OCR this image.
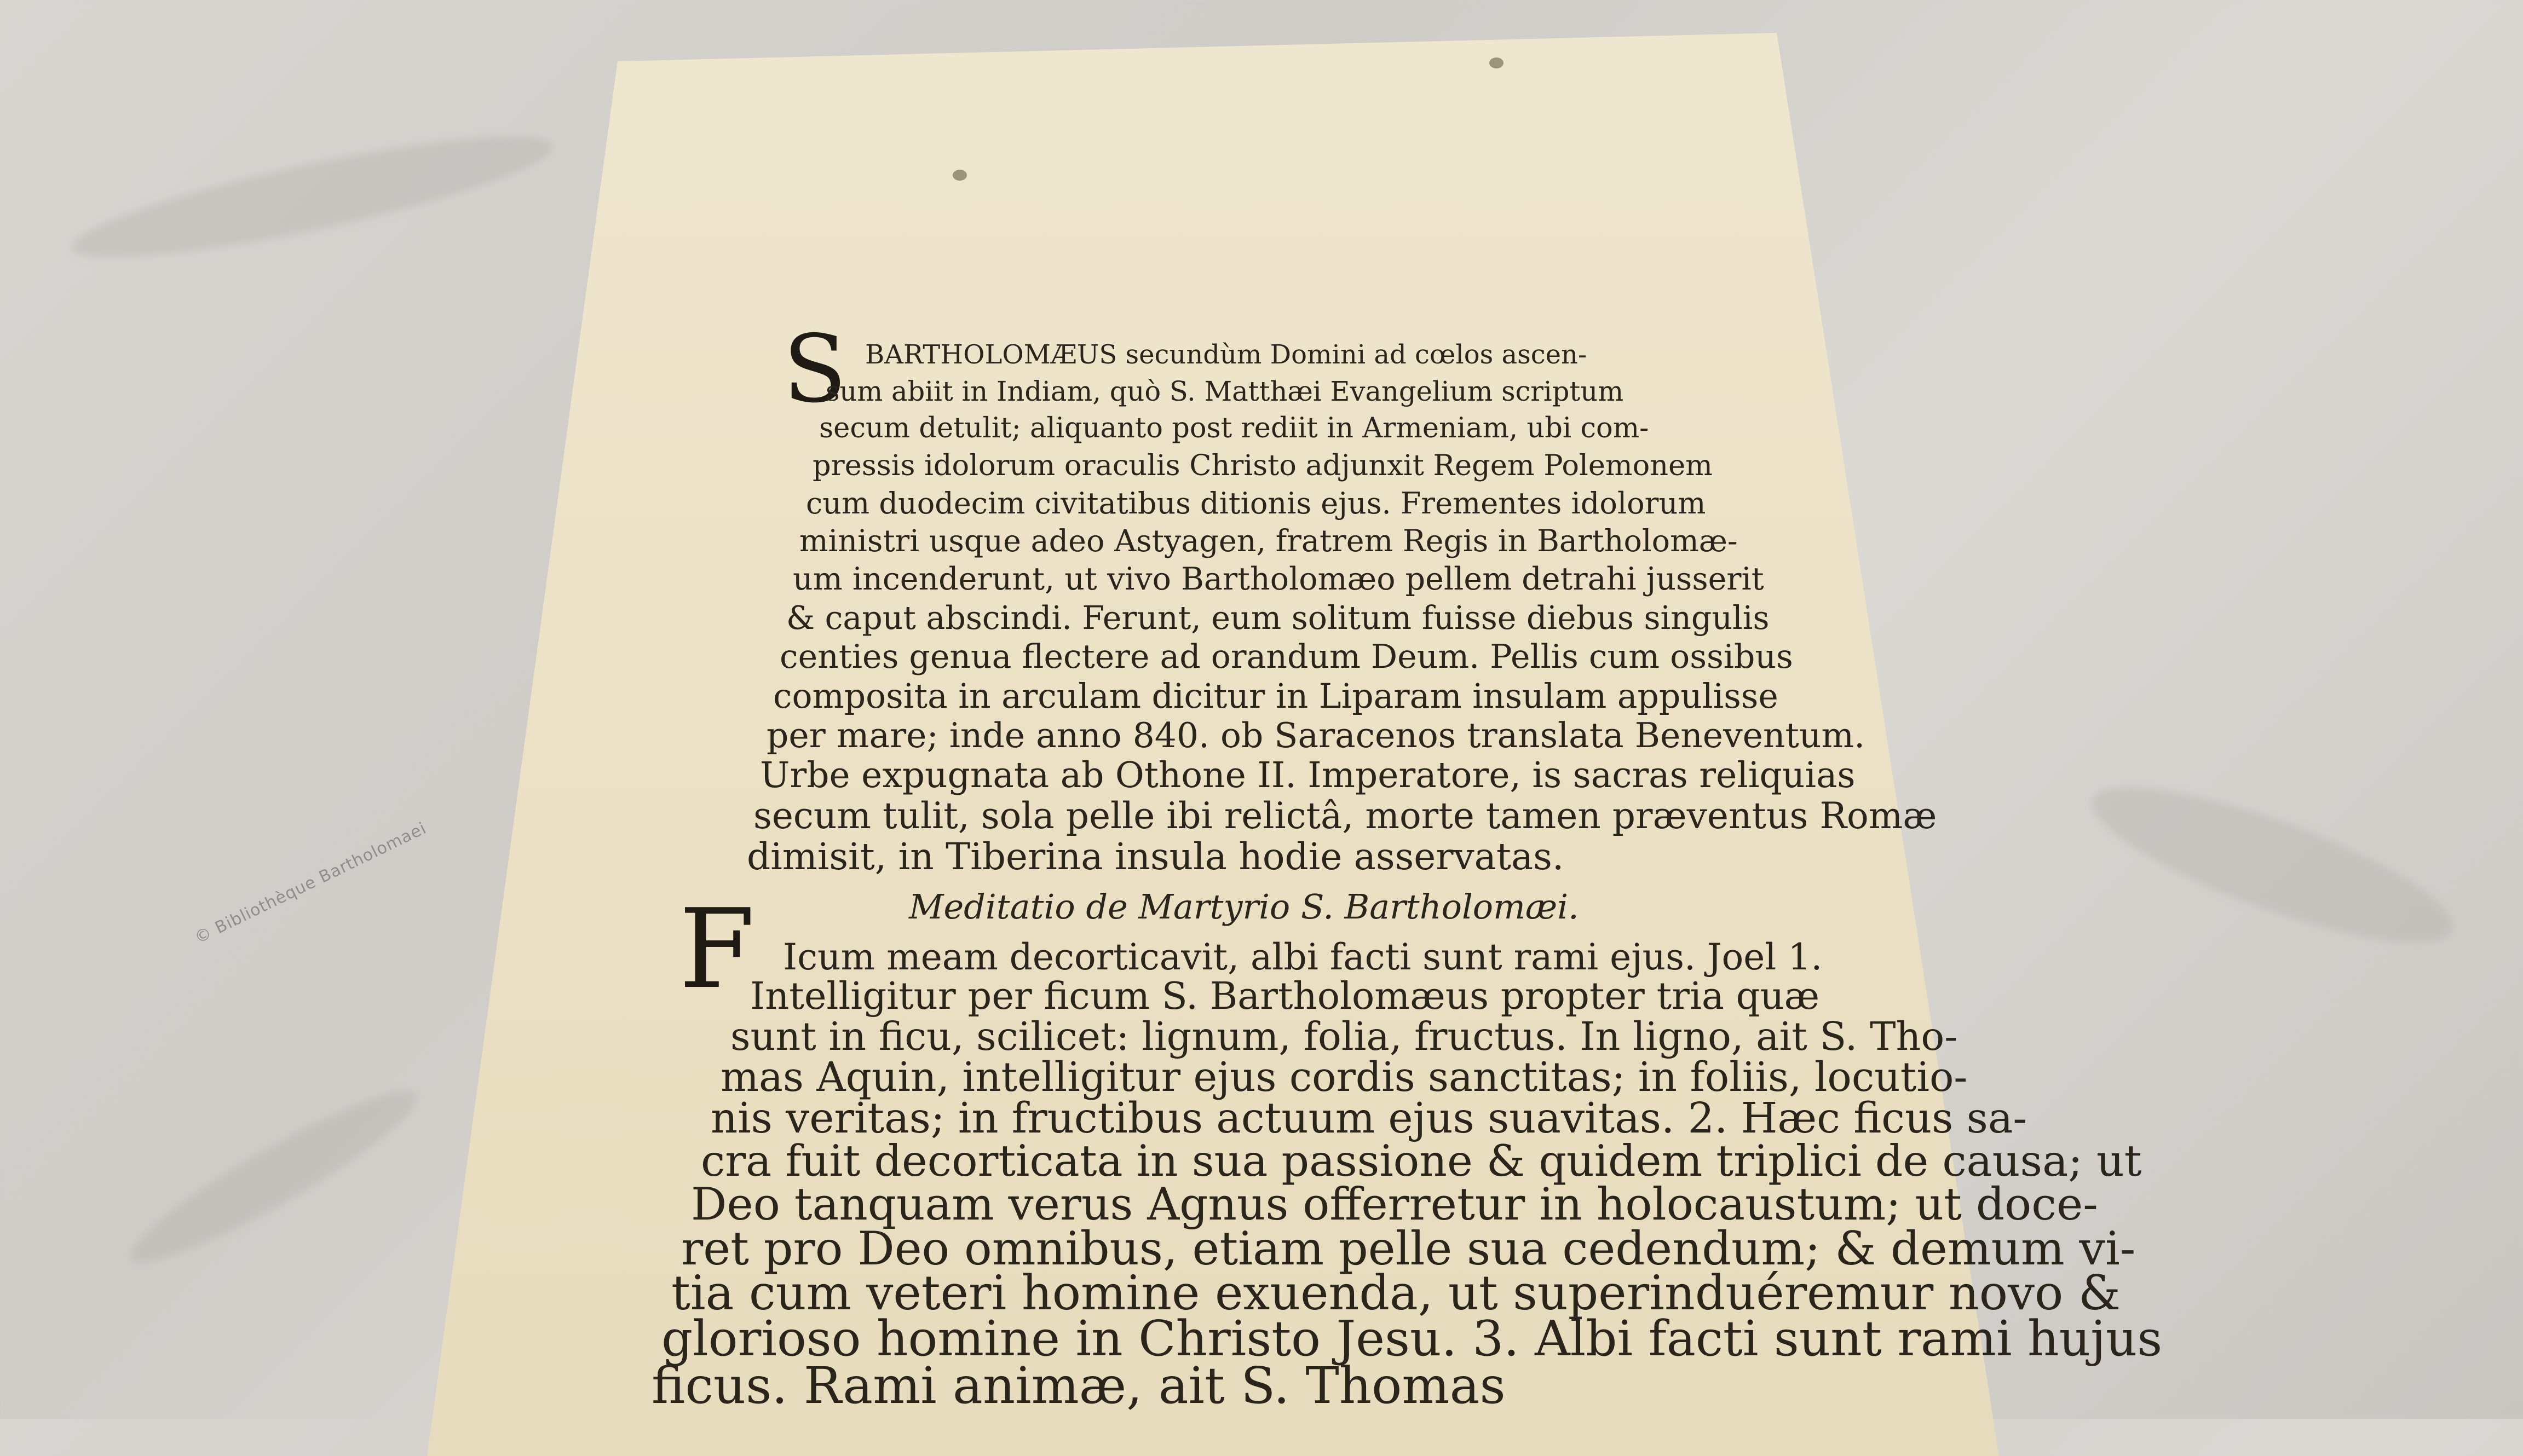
© Bibliothèque Bartholomaei
S
F
BARTHOLOMÆUS secundùm Domini ad cœlos ascen-
sum abiit in Indiam, quò S. Matthæi Evangelium scriptum
secum detulit; aliquanto post rediit in Armeniam, ubi com-
pressis idolorum oraculis Christo adjunxit Regem Polemonem
cum duodecim civitatibus ditionis ejus. Frementes idolorum
ministri usque adeo Astyagen, fratrem Regis in Bartholomæ-
um incenderunt, ut vivo Bartholomæo pellem detrahi jusserit
& caput abscindi. Ferunt, eum solitum fuisse diebus singulis
centies genua flectere ad orandum Deum. Pellis cum ossibus
composita in arculam dicitur in Liparam insulam appulisse
per mare; inde anno 840. ob Saracenos translata Beneventum.
Urbe expugnata ab Othone II. Imperatore, is sacras reliquias
secum tulit, sola pelle ibi relictâ, morte tamen præventus Romæ
dimisit, in Tiberina insula hodie asservatas.
Meditatio de Martyrio S. Bartholomæi.
Icum meam decorticavit, albi facti sunt rami ejus. Joel 1.
Intelligitur per ficum S. Bartholomæus propter tria quæ
sunt in ficu, scilicet: lignum, folia, fructus. In ligno, ait S. Tho-
mas Aquin, intelligitur ejus cordis sanctitas; in foliis, locutio-
nis veritas; in fructibus actuum ejus suavitas. 2. Hæc ficus sa-
cra fuit decorticata in sua passione & quidem triplici de causa; ut
Deo tanquam verus Agnus offerretur in holocaustum; ut doce-
ret pro Deo omnibus, etiam pelle sua cedendum; & demum vi-
tia cum veteri homine exuenda, ut superinduéremur novo &
glorioso homine in Christo Jesu. 3. Albi facti sunt rami hujus
ficus. Rami animæ, ait S. Thomas
